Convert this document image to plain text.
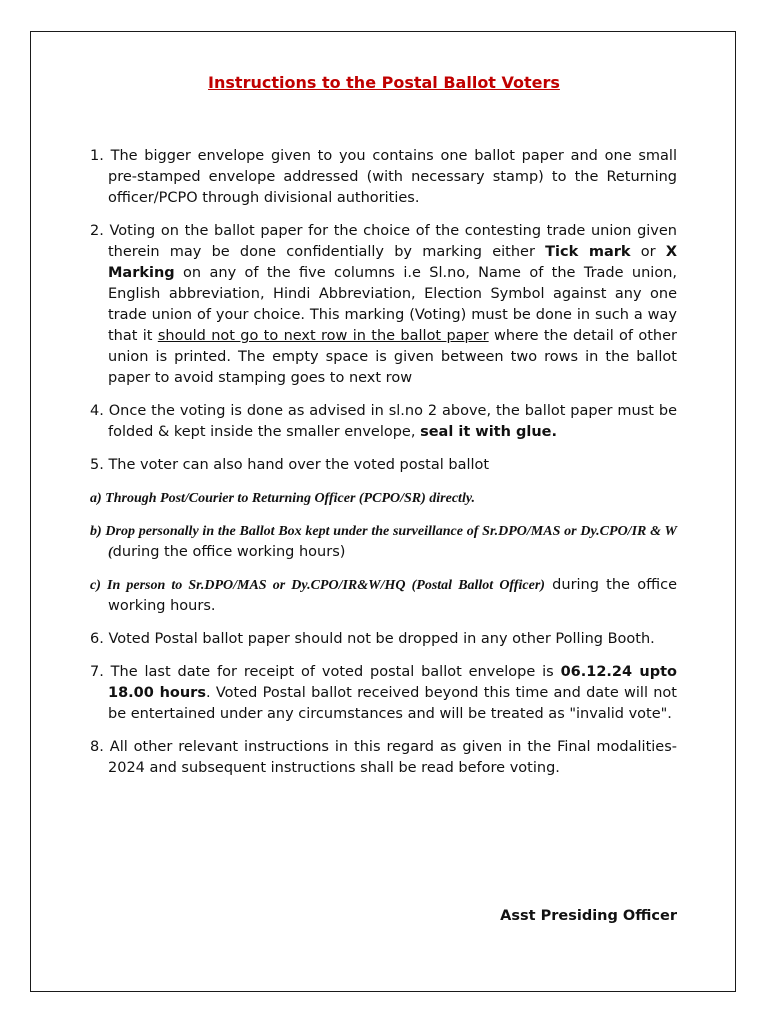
Instructions to the Postal Ballot Voters

1. The bigger envelope given to you contains one ballot paper and one small pre-stamped envelope addressed (with necessary stamp) to the Returning officer/PCPO through divisional authorities.

2. Voting on the ballot paper for the choice of the contesting trade union given therein may be done confidentially by marking either Tick mark or X Marking on any of the five columns i.e Sl.no, Name of the Trade union, English abbreviation, Hindi Abbreviation, Election Symbol against any one trade union of your choice. This marking (Voting) must be done in such a way that it should not go to next row in the ballot paper where the detail of other union is printed. The empty space is given between two rows in the ballot paper to avoid stamping goes to next row

4. Once the voting is done as advised in sl.no 2 above, the ballot paper must be folded & kept inside the smaller envelope, seal it with glue.

5. The voter can also hand over the voted postal ballot

a) Through Post/Courier to Returning Officer (PCPO/SR) directly.

b) Drop personally in the Ballot Box kept under the surveillance of Sr.DPO/MAS or Dy.CPO/IR & W (during the office working hours)

c) In person to Sr.DPO/MAS or Dy.CPO/IR&W/HQ (Postal Ballot Officer) during the office working hours.

6. Voted Postal ballot paper should not be dropped in any other Polling Booth.

7. The last date for receipt of voted postal ballot envelope is 06.12.24 upto 18.00 hours. Voted Postal ballot received beyond this time and date will not be entertained under any circumstances and will be treated as "invalid vote".

8. All other relevant instructions in this regard as given in the Final modalities-       2024 and subsequent instructions shall be read before voting.

Asst Presiding Officer
